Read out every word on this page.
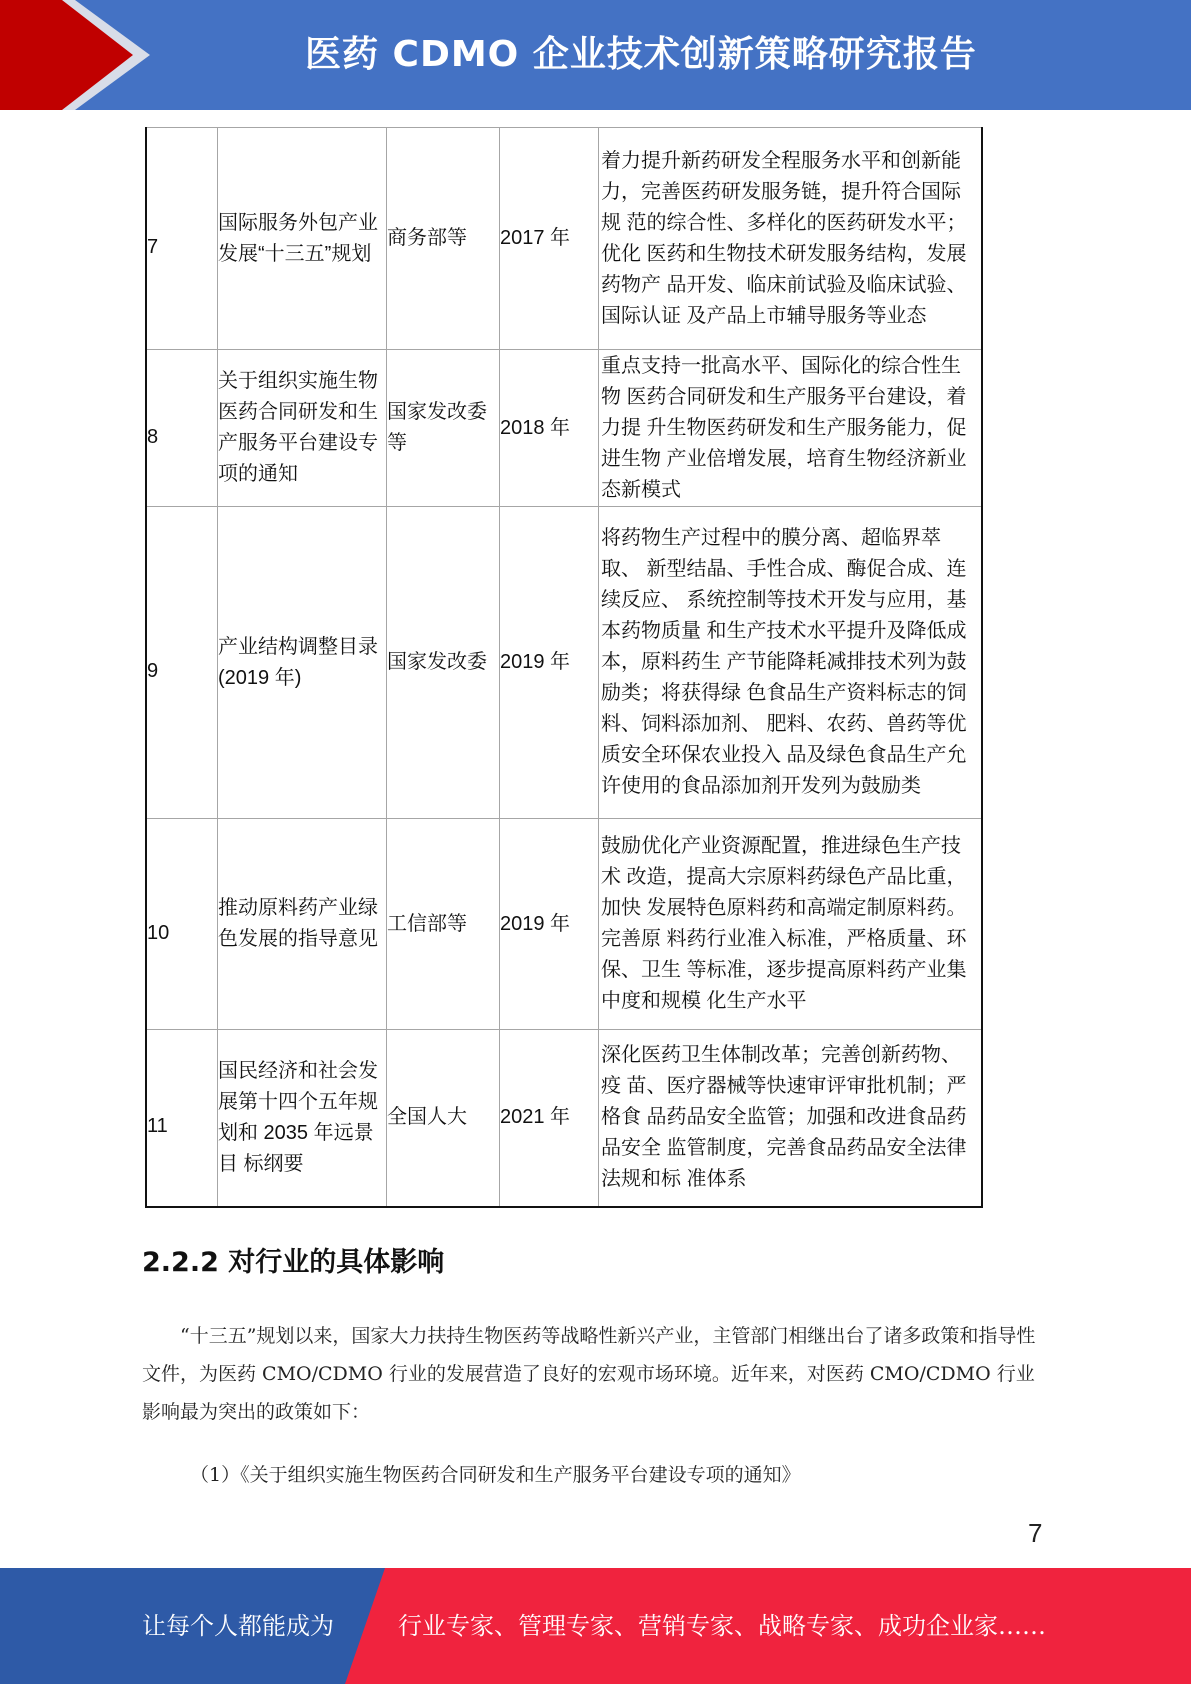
医药 CDMO 企业技术创新策略研究报告
7	国际服务外包产业发展“十三五”规划	商务部等	2017 年	着力提升新药研发全程服务水平和创新能 力，完善医药研发服务链，提升符合国际规 范的综合性、多样化的医药研发水平；优化 医药和生物技术研发服务结构，发展药物产 品开发、临床前试验及临床试验、国际认证 及产品上市辅导服务等业态
8	关于组织实施生物医药合同研发和生产服务平台建设专项的通知	国家发改委等	2018 年	重点支持一批高水平、国际化的综合性生物 医药合同研发和生产服务平台建设，着力提 升生物医药研发和生产服务能力，促进生物 产业倍增发展，培育生物经济新业态新模式
9	产业结构调整目录(2019 年)	国家发改委	2019 年	将药物生产过程中的膜分离、超临界萃取、 新型结晶、手性合成、酶促合成、连续反应、 系统控制等技术开发与应用，基本药物质量 和生产技术水平提升及降低成本，原料药生 产节能降耗减排技术列为鼓励类；将获得绿 色食品生产资料标志的饲料、饲料添加剂、 肥料、农药、兽药等优质安全环保农业投入 品及绿色食品生产允许使用的食品添加剂开发列为鼓励类
10	推动原料药产业绿色发展的指导意见	工信部等	2019 年	鼓励优化产业资源配置，推进绿色生产技术 改造，提高大宗原料药绿色产品比重，加快 发展特色原料药和高端定制原料药。完善原 料药行业准入标准，严格质量、环保、卫生 等标准，逐步提高原料药产业集中度和规模 化生产水平
11	国民经济和社会发展第十四个五年规划和 2035 年远景目 标纲要	全国人大	2021 年	深化医药卫生体制改革；完善创新药物、疫 苗、医疗器械等快速审评审批机制；严格食 品药品安全监管；加强和改进食品药品安全 监管制度，完善食品药品安全法律法规和标 准体系
2.2.2 对行业的具体影响

“十三五”规划以来，国家大力扶持生物医药等战略性新兴产业，主管部门相继出台了诸多政策和指导性文件，为医药 CMO/CDMO 行业的发展营造了良好的宏观市场环境。近年来，对医药 CMO/CDMO 行业影响最为突出的政策如下：

（1）《关于组织实施生物医药合同研发和生产服务平台建设专项的通知》
7
让每个人都能成为	行业专家、管理专家、营销专家、战略专家、成功企业家……
